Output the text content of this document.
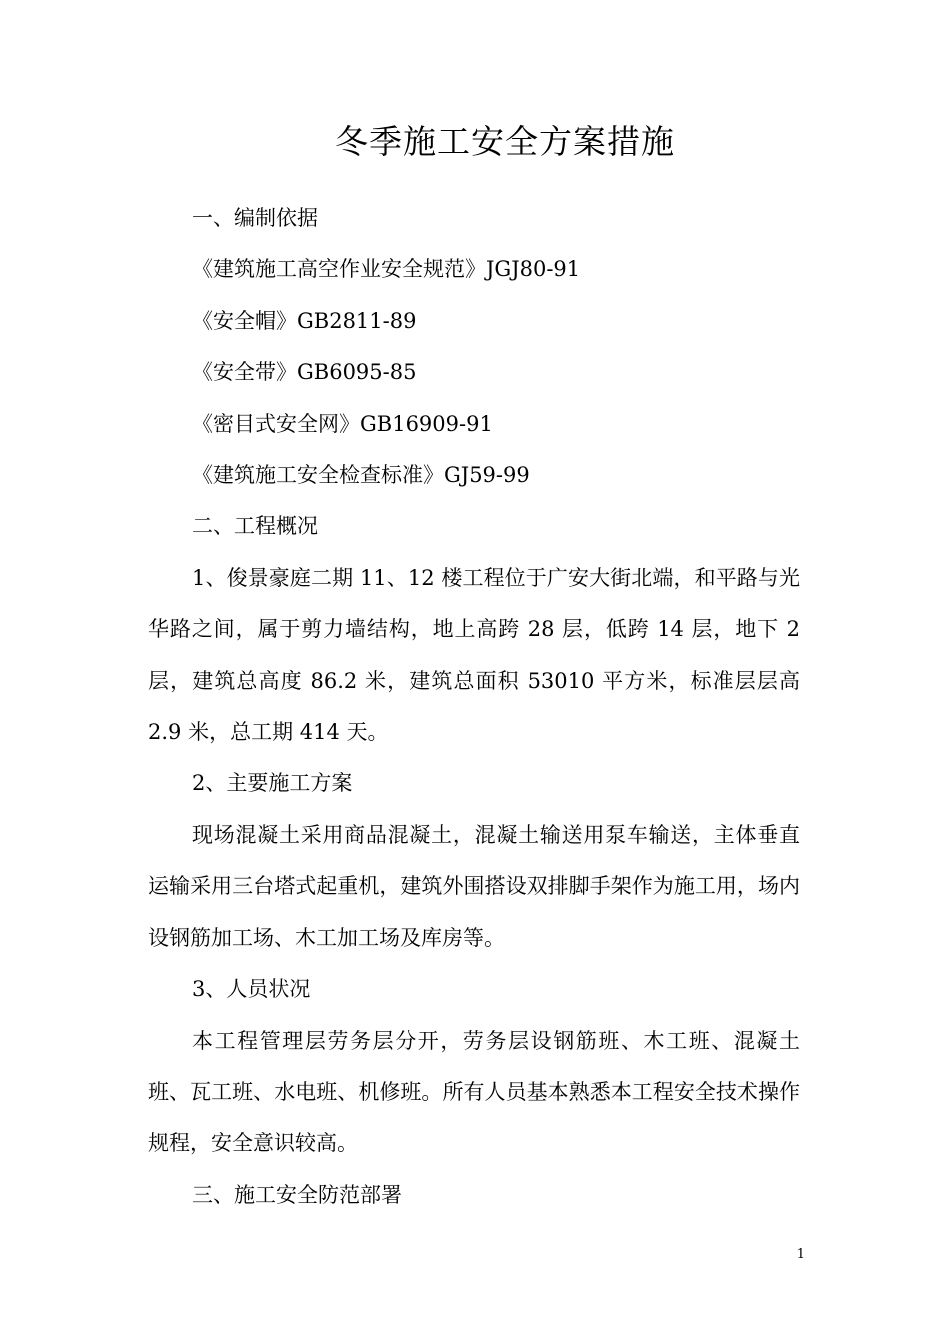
冬季施工安全方案措施

一、编制依据

《建筑施工高空作业安全规范》JGJ80-91

《安全帽》GB2811-89

《安全带》GB6095-85

《密目式安全网》GB16909-91

《建筑施工安全检查标准》GJ59-99

二、工程概况

1、俊景豪庭二期 11、12 楼工程位于广安大街北端，和平路与光华路之间，属于剪力墙结构，地上高跨 28 层，低跨 14 层，地下 2 层，建筑总高度 86.2 米，建筑总面积 53010 平方米，标准层层高 2.9 米，总工期 414 天。

2、主要施工方案

现场混凝土采用商品混凝土，混凝土输送用泵车输送，主体垂直运输采用三台塔式起重机，建筑外围搭设双排脚手架作为施工用，场内设钢筋加工场、木工加工场及库房等。

3、人员状况

本工程管理层劳务层分开，劳务层设钢筋班、木工班、混凝土班、瓦工班、水电班、机修班。所有人员基本熟悉本工程安全技术操作规程，安全意识较高。

三、施工安全防范部署

1
